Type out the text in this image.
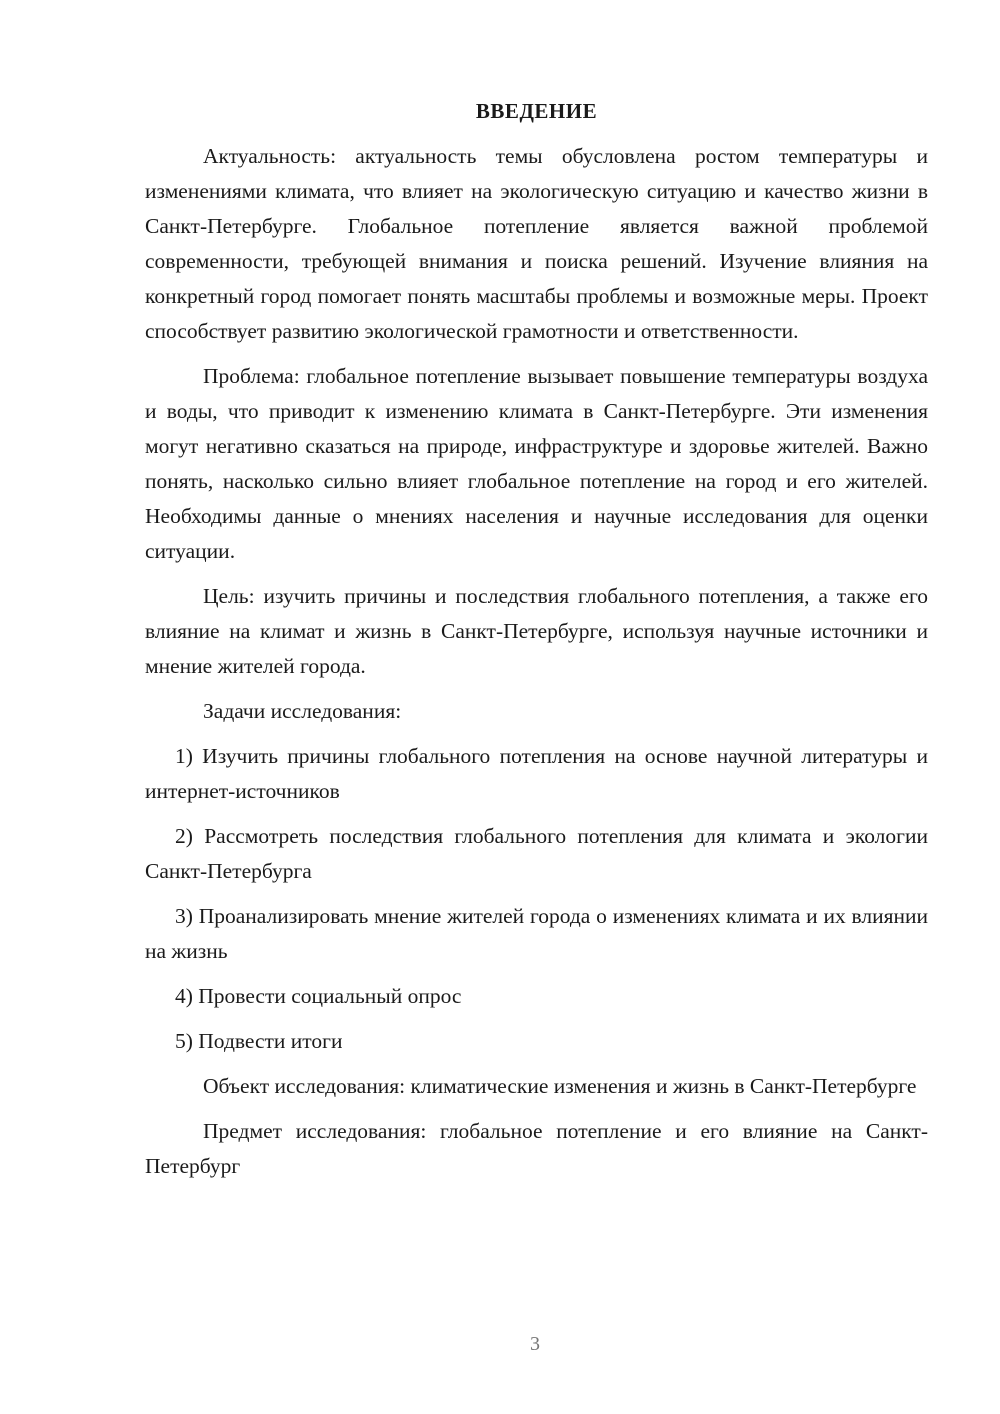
ВВЕДЕНИЕ

Актуальность: актуальность темы обусловлена ростом температуры и изменениями климата, что влияет на экологическую ситуацию и качество жизни в Санкт-Петербурге. Глобальное потепление является важной проблемой современности, требующей внимания и поиска решений. Изучение влияния на конкретный город помогает понять масштабы проблемы и возможные меры. Проект способствует развитию экологической грамотности и ответственности.

Проблема: глобальное потепление вызывает повышение температуры воздуха и воды, что приводит к изменению климата в Санкт-Петербурге. Эти изменения могут негативно сказаться на природе, инфраструктуре и здоровье жителей. Важно понять, насколько сильно влияет глобальное потепление на город и его жителей. Необходимы данные о мнениях населения и научные исследования для оценки ситуации.

Цель: изучить причины и последствия глобального потепления, а также его влияние на климат и жизнь в Санкт-Петербурге, используя научные источники и мнение жителей города.

Задачи исследования:

1) Изучить причины глобального потепления на основе научной литературы и интернет-источников

2) Рассмотреть последствия глобального потепления для климата и экологии Санкт-Петербурга

3) Проанализировать мнение жителей города о изменениях климата и их влиянии на жизнь

4) Провести социальный опрос

5) Подвести итоги

Объект исследования: климатические изменения и жизнь в Санкт-Петербурге

Предмет исследования: глобальное потепление и его влияние на Санкт-Петербург

3
